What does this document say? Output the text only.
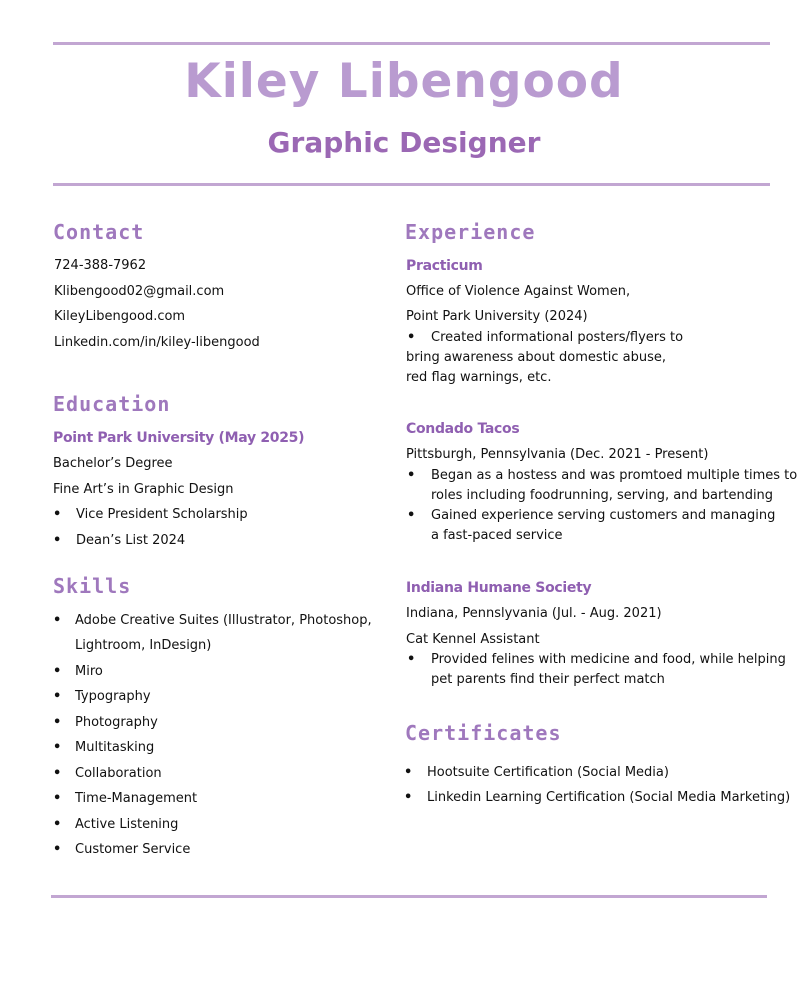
Kiley Libengood
Graphic Designer
Contact

724-388-7962

Klibengood02@gmail.com

KileyLibengood.com

Linkedin.com/in/kiley-libengood

Education

Point Park University (May 2025)

Bachelor’s Degree

Fine Art’s in Graphic Design

• Vice President Scholarship
• Dean’s List 2024
Skills
• Adobe Creative Suites (Illustrator, Photoshop,
Lightroom, InDesign)
• Miro
• Typography
• Photography
• Multitasking
• Collaboration
• Time-Management
• Active Listening
• Customer Service
Experience

Practicum

Office of Violence Against Women,

Point Park University (2024)

• Created informational posters/flyers to

bring awareness about domestic abuse,

red flag warnings, etc.

Condado Tacos

Pittsburgh, Pennsylvania (Dec. 2021 - Present)

• Began as a hostess and was promtoed multiple times to

roles including foodrunning, serving, and bartending

• Gained experience serving customers and managing

a fast-paced service

Indiana Humane Society

Indiana, Pennslyvania (Jul. - Aug. 2021)

Cat Kennel Assistant

• Provided felines with medicine and food, while helping

pet parents find their perfect match

Certificates
• Hootsuite Certification (Social Media)
• Linkedin Learning Certification (Social Media Marketing)
